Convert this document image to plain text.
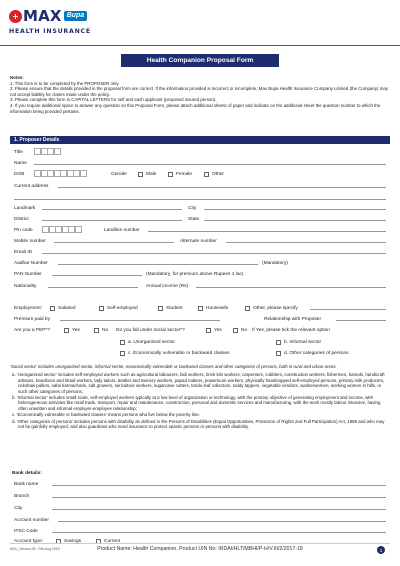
+ MAX Bupa
HEALTH INSURANCE
Health Companion Proposal Form
Notes:
1. This form is to be completed by the PROPOSER only.
2. Please ensure that the details provided in the proposal form are correct. If the information provided is incorrect or incomplete, Max Bupa Health Insurance Company Limited (the Company) may not accept liability for claims made under the policy.
3. Please complete this form in CAPITAL LETTERS for self and each applicant (proposed insured person).
4. If you require additional space to answer any question on this Proposal Form, please attach additional sheets of paper and indicate on the additional sheet the question number to which the information being provided pertains.
1. Proposer Details
Title
Name
DOB	Gender	Male	Female	Other
Current address
Landmark	City
District	State
Pin code	Landline number
Mobile number	Alternate number
Email ID
Aadhar Number	(Mandatory)
PAN Number	(Mandatory, for premium above Rupees 1 lac)
Nationality	Annual income (Rs)
Employment:	Salaried	Self-employed	Student	Housewife	Other, please specify
Premium paid by	Relationship with Proposer
Are you a PEP*?	Yes	No Do you fall under social sector*?	Yes	No If Yes, please tick the relevant option
a. Unorganized sector	b. Informal sector
c. Economically vulnerable or backward classes	d. Other categories of persons
'Social sector' includes unorganized sector, informal sector, economically vulnerable or backward classes and other categories of persons, both in rural and urban areas.
a. 'Unorganized sector' includes self-employed workers such as agricultural labourers, bidi workers, brick kiln workers, carpenters, cobblers, construction workers, fishermen, hamals, handicraft artisans, handloom and khadi workers, lady tailors, leather and tannery workers, papad makers, powerloom workers, physically handicapped self-employed persons, primary milk producers, rickshaw pullers, safai karmacharis, salt growers, sericulture workers, sugarcane cutters, tendu leaf collectors, toddy tappers, vegetable vendors, washerwomen, working women in hills, or such other categories of persons;
b. 'Informal sector' includes small scale, self-employed workers typically at a low level of organization or technology, with the primary objective of generating employment and income, with heterogeneous activities like retail trade, transport, repair and maintenance, construction, personal and domestic services and manufacturing, with the work mostly labour intensive, having often unwritten and informal employer-employee relationship;
c. 'Economically vulnerable or backward classes' means persons who live below the poverty line.
d. 'Other categories of persons' includes persons with disability as defined in the Persons of Disabilities (Equal Opportunities, Protection of Rights and Full Participation) Act, 1995 and who may not be gainfully employed; and also guardians who need insurance to protect spastic persons or persons with disability.
Bank details:
Bank name
Branch
City
Account number
IFSC Code
Account type:	Savings	Current
MXU_Version 05 - Feb Aug 2019	Product Name: Health Companion, Product UIN No: IRDAI/HLT/MBHI/P-H/V.III/2/2017-18	1
